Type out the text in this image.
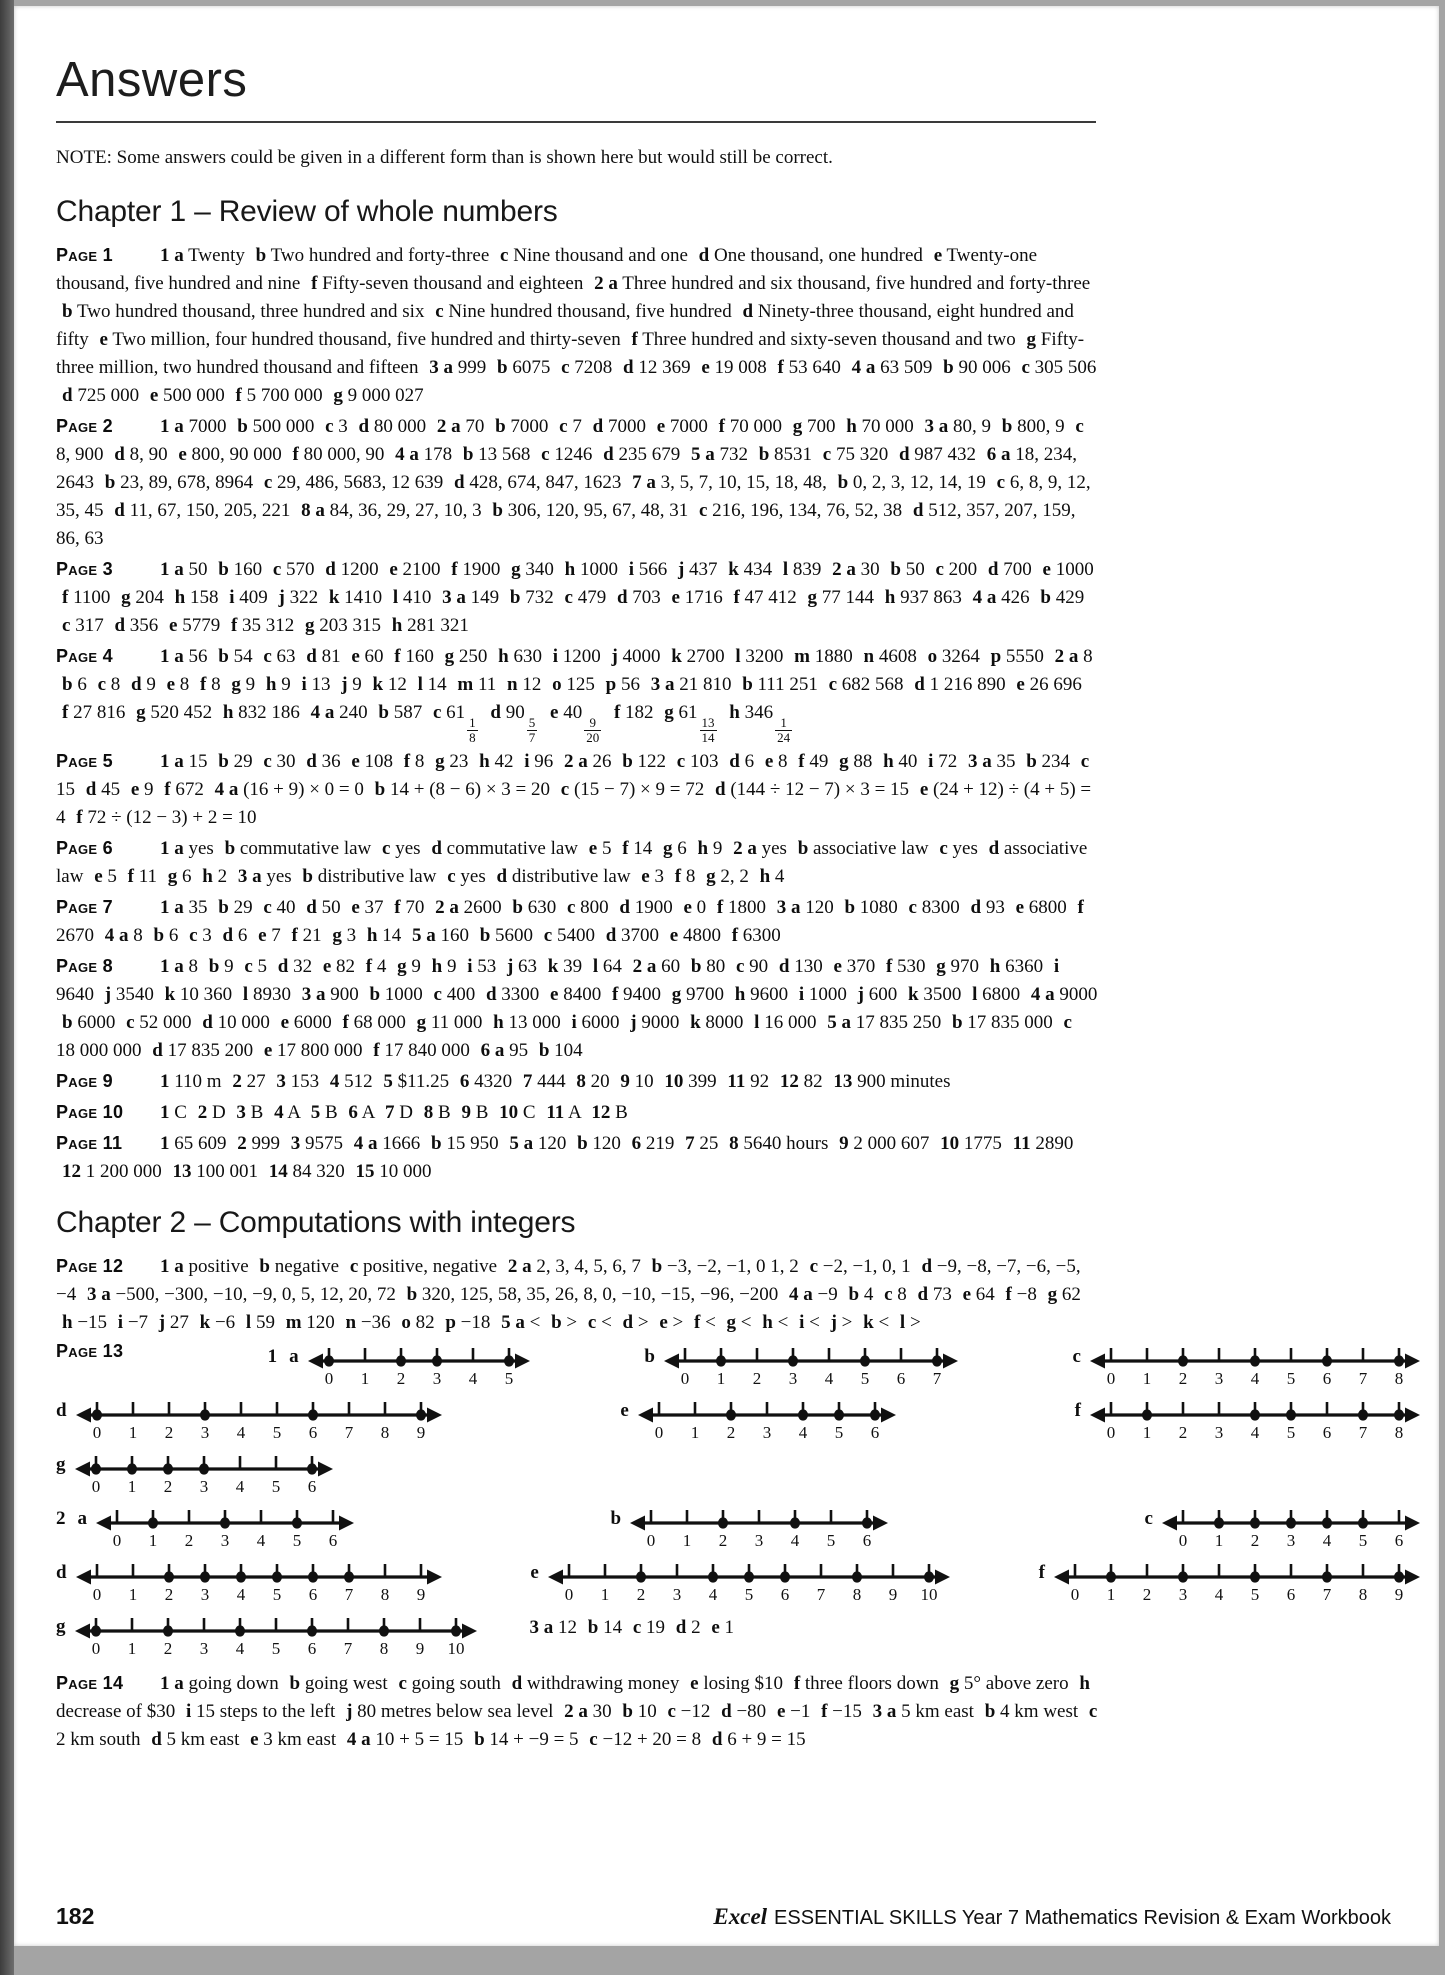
Answers

NOTE: Some answers could be given in a different form than is shown here but would still be correct.

Chapter 1 – Review of whole numbers

Page 1 1 a Twenty b Two hundred and forty-three c Nine thousand and one d One thousand, one hundred e Twenty-one thousand, five hundred and nine f Fifty-seven thousand and eighteen 2 a Three hundred and six thousand, five hundred and forty-three b Two hundred thousand, three hundred and six c Nine hundred thousand, five hundred d Ninety-three thousand, eight hundred and fifty e Two million, four hundred thousand, five hundred and thirty-seven f Three hundred and sixty-seven thousand and two g Fifty-three million, two hundred thousand and fifteen 3 a 999 b 6075 c 7208 d 12 369 e 19 008 f 53 640 4 a 63 509 b 90 006 c 305 506 d 725 000 e 500 000 f 5 700 000 g 9 000 027

Page 2 1 a 7000 b 500 000 c 3 d 80 000 2 a 70 b 7000 c 7 d 7000 e 7000 f 70 000 g 700 h 70 000 3 a 80, 9 b 800, 9 c 8, 900 d 8, 90 e 800, 90 000 f 80 000, 90 4 a 178 b 13 568 c 1246 d 235 679 5 a 732 b 8531 c 75 320 d 987 432 6 a 18, 234, 2643 b 23, 89, 678, 8964 c 29, 486, 5683, 12 639 d 428, 674, 847, 1623 7 a 3, 5, 7, 10, 15, 18, 48, b 0, 2, 3, 12, 14, 19 c 6, 8, 9, 12, 35, 45 d 11, 67, 150, 205, 221 8 a 84, 36, 29, 27, 10, 3 b 306, 120, 95, 67, 48, 31 c 216, 196, 134, 76, 52, 38 d 512, 357, 207, 159, 86, 63

Page 3 1 a 50 b 160 c 570 d 1200 e 2100 f 1900 g 340 h 1000 i 566 j 437 k 434 l 839 2 a 30 b 50 c 200 d 700 e 1000 f 1100 g 204 h 158 i 409 j 322 k 1410 l 410 3 a 149 b 732 c 479 d 703 e 1716 f 47 412 g 77 144 h 937 863 4 a 426 b 429 c 317 d 356 e 5779 f 35 312 g 203 315 h 281 321

Page 4 1 a 56 b 54 c 63 d 81 e 60 f 160 g 250 h 630 i 1200 j 4000 k 2700 l 3200 m 1880 n 4608 o 3264 p 5550 2 a 8 b 6 c 8 d 9 e 8 f 8 g 9 h 9 i 13 j 9 k 12 l 14 m 11 n 12 o 125 p 56 3 a 21 810 b 111 251 c 682 568 d 1 216 890 e 26 696 f 27 816 g 520 452 h 832 186 4 a 240 b 587 c 61
$\frac{1}{8}$
d 90
$\frac{5}{7}$
e 40
$\frac{9}{20}$
f 182 g 61
$\frac{13}{14}$
h 346
$\frac{1}{24}$

Page 5 1 a 15 b 29 c 30 d 36 e 108 f 8 g 23 h 42 i 96 2 a 26 b 122 c 103 d 6 e 8 f 49 g 88 h 40 i 72 3 a 35 b 234 c 15 d 45 e 9 f 672 4 a (16 + 9) × 0 = 0 b 14 + (8 − 6) × 3 = 20 c (15 − 7) × 9 = 72 d (144 ÷ 12 − 7) × 3 = 15 e (24 + 12) ÷ (4 + 5) = 4 f 72 ÷ (12 − 3) + 2 = 10

Page 6 1 a yes b commutative law c yes d commutative law e 5 f 14 g 6 h 9 2 a yes b associative law c yes d associative law e 5 f 11 g 6 h 2 3 a yes b distributive law c yes d distributive law e 3 f 8 g 2, 2 h 4

Page 7 1 a 35 b 29 c 40 d 50 e 37 f 70 2 a 2600 b 630 c 800 d 1900 e 0 f 1800 3 a 120 b 1080 c 8300 d 93 e 6800 f 2670 4 a 8 b 6 c 3 d 6 e 7 f 21 g 3 h 14 5 a 160 b 5600 c 5400 d 3700 e 4800 f 6300

Page 8 1 a 8 b 9 c 5 d 32 e 82 f 4 g 9 h 9 i 53 j 63 k 39 l 64 2 a 60 b 80 c 90 d 130 e 370 f 530 g 970 h 6360 i 9640 j 3540 k 10 360 l 8930 3 a 900 b 1000 c 400 d 3300 e 8400 f 9400 g 9700 h 9600 i 1000 j 600 k 3500 l 6800 4 a 9000 b 6000 c 52 000 d 10 000 e 6000 f 68 000 g 11 000 h 13 000 i 6000 j 9000 k 8000 l 16 000 5 a 17 835 250 b 17 835 000 c 18 000 000 d 17 835 200 e 17 800 000 f 17 840 000 6 a 95 b 104

Page 9 1 110 m 2 27 3 153 4 512 5 $11.25 6 4320 7 444 8 20 9 10 10 399 11 92 12 82 13 900 minutes

Page 10 1 C 2 D 3 B 4 A 5 B 6 A 7 D 8 B 9 B 10 C 11 A 12 B

Page 11 1 65 609 2 999 3 9575 4 a 1666 b 15 950 5 a 120 b 120 6 219 7 25 8 5640 hours 9 2 000 607 10 1775 11 2890 12 1 200 000 13 100 001 14 84 320 15 10 000

Chapter 2 – Computations with integers

Page 12 1 a positive b negative c positive, negative 2 a 2, 3, 4, 5, 6, 7 b −3, −2, −1, 0 1, 2 c −2, −1, 0, 1 d −9, −8, −7, −6, −5, −4 3 a −500, −300, −10, −9, 0, 5, 12, 20, 72 b 320, 125, 58, 35, 26, 8, 0, −10, −15, −96, −200 4 a −9 b 4 c 8 d 73 e 64 f −8 g 62 h −15 i −7 j 27 k −6 l 59 m 120 n −36 o 82 p −18 5 a < b > c < d > e > f < g < h < i < j > k < l >

Page 13	1 a
0 1 2 3 4 5
b
0 1 2 3 4 5 6 7
c
0 1 2 3 4 5 6 7 8
d
0 1 2 3 4 5 6 7 8 9
e
0 1 2 3 4 5 6
f
0 1 2 3 4 5 6 7 8
g
0 1 2 3 4 5 6
2 a
0 1 2 3 4 5 6
b
0 1 2 3 4 5 6
c
0 1 2 3 4 5 6
d
0 1 2 3 4 5 6 7 8 9
e
0 1 2 3 4 5 6 7 8 9 10
f
0 1 2 3 4 5 6 7 8 9
g
0 1 2 3 4 5 6 7 8 9 10
3 a 12 b 14 c 19 d 2 e 1

Page 14 1 a going down b going west c going south d withdrawing money e losing $10 f three floors down g 5° above zero h decrease of $30 i 15 steps to the left j 80 metres below sea level 2 a 30 b 10 c −12 d −80 e −1 f −15 3 a 5 km east b 4 km west c 2 km south d 5 km east e 3 km east 4 a 10 + 5 = 15 b 14 + −9 = 5 c −12 + 20 = 8 d 6 + 9 = 15

182	Excel ESSENTIAL SKILLS Year 7 Mathematics Revision & Exam Workbook
